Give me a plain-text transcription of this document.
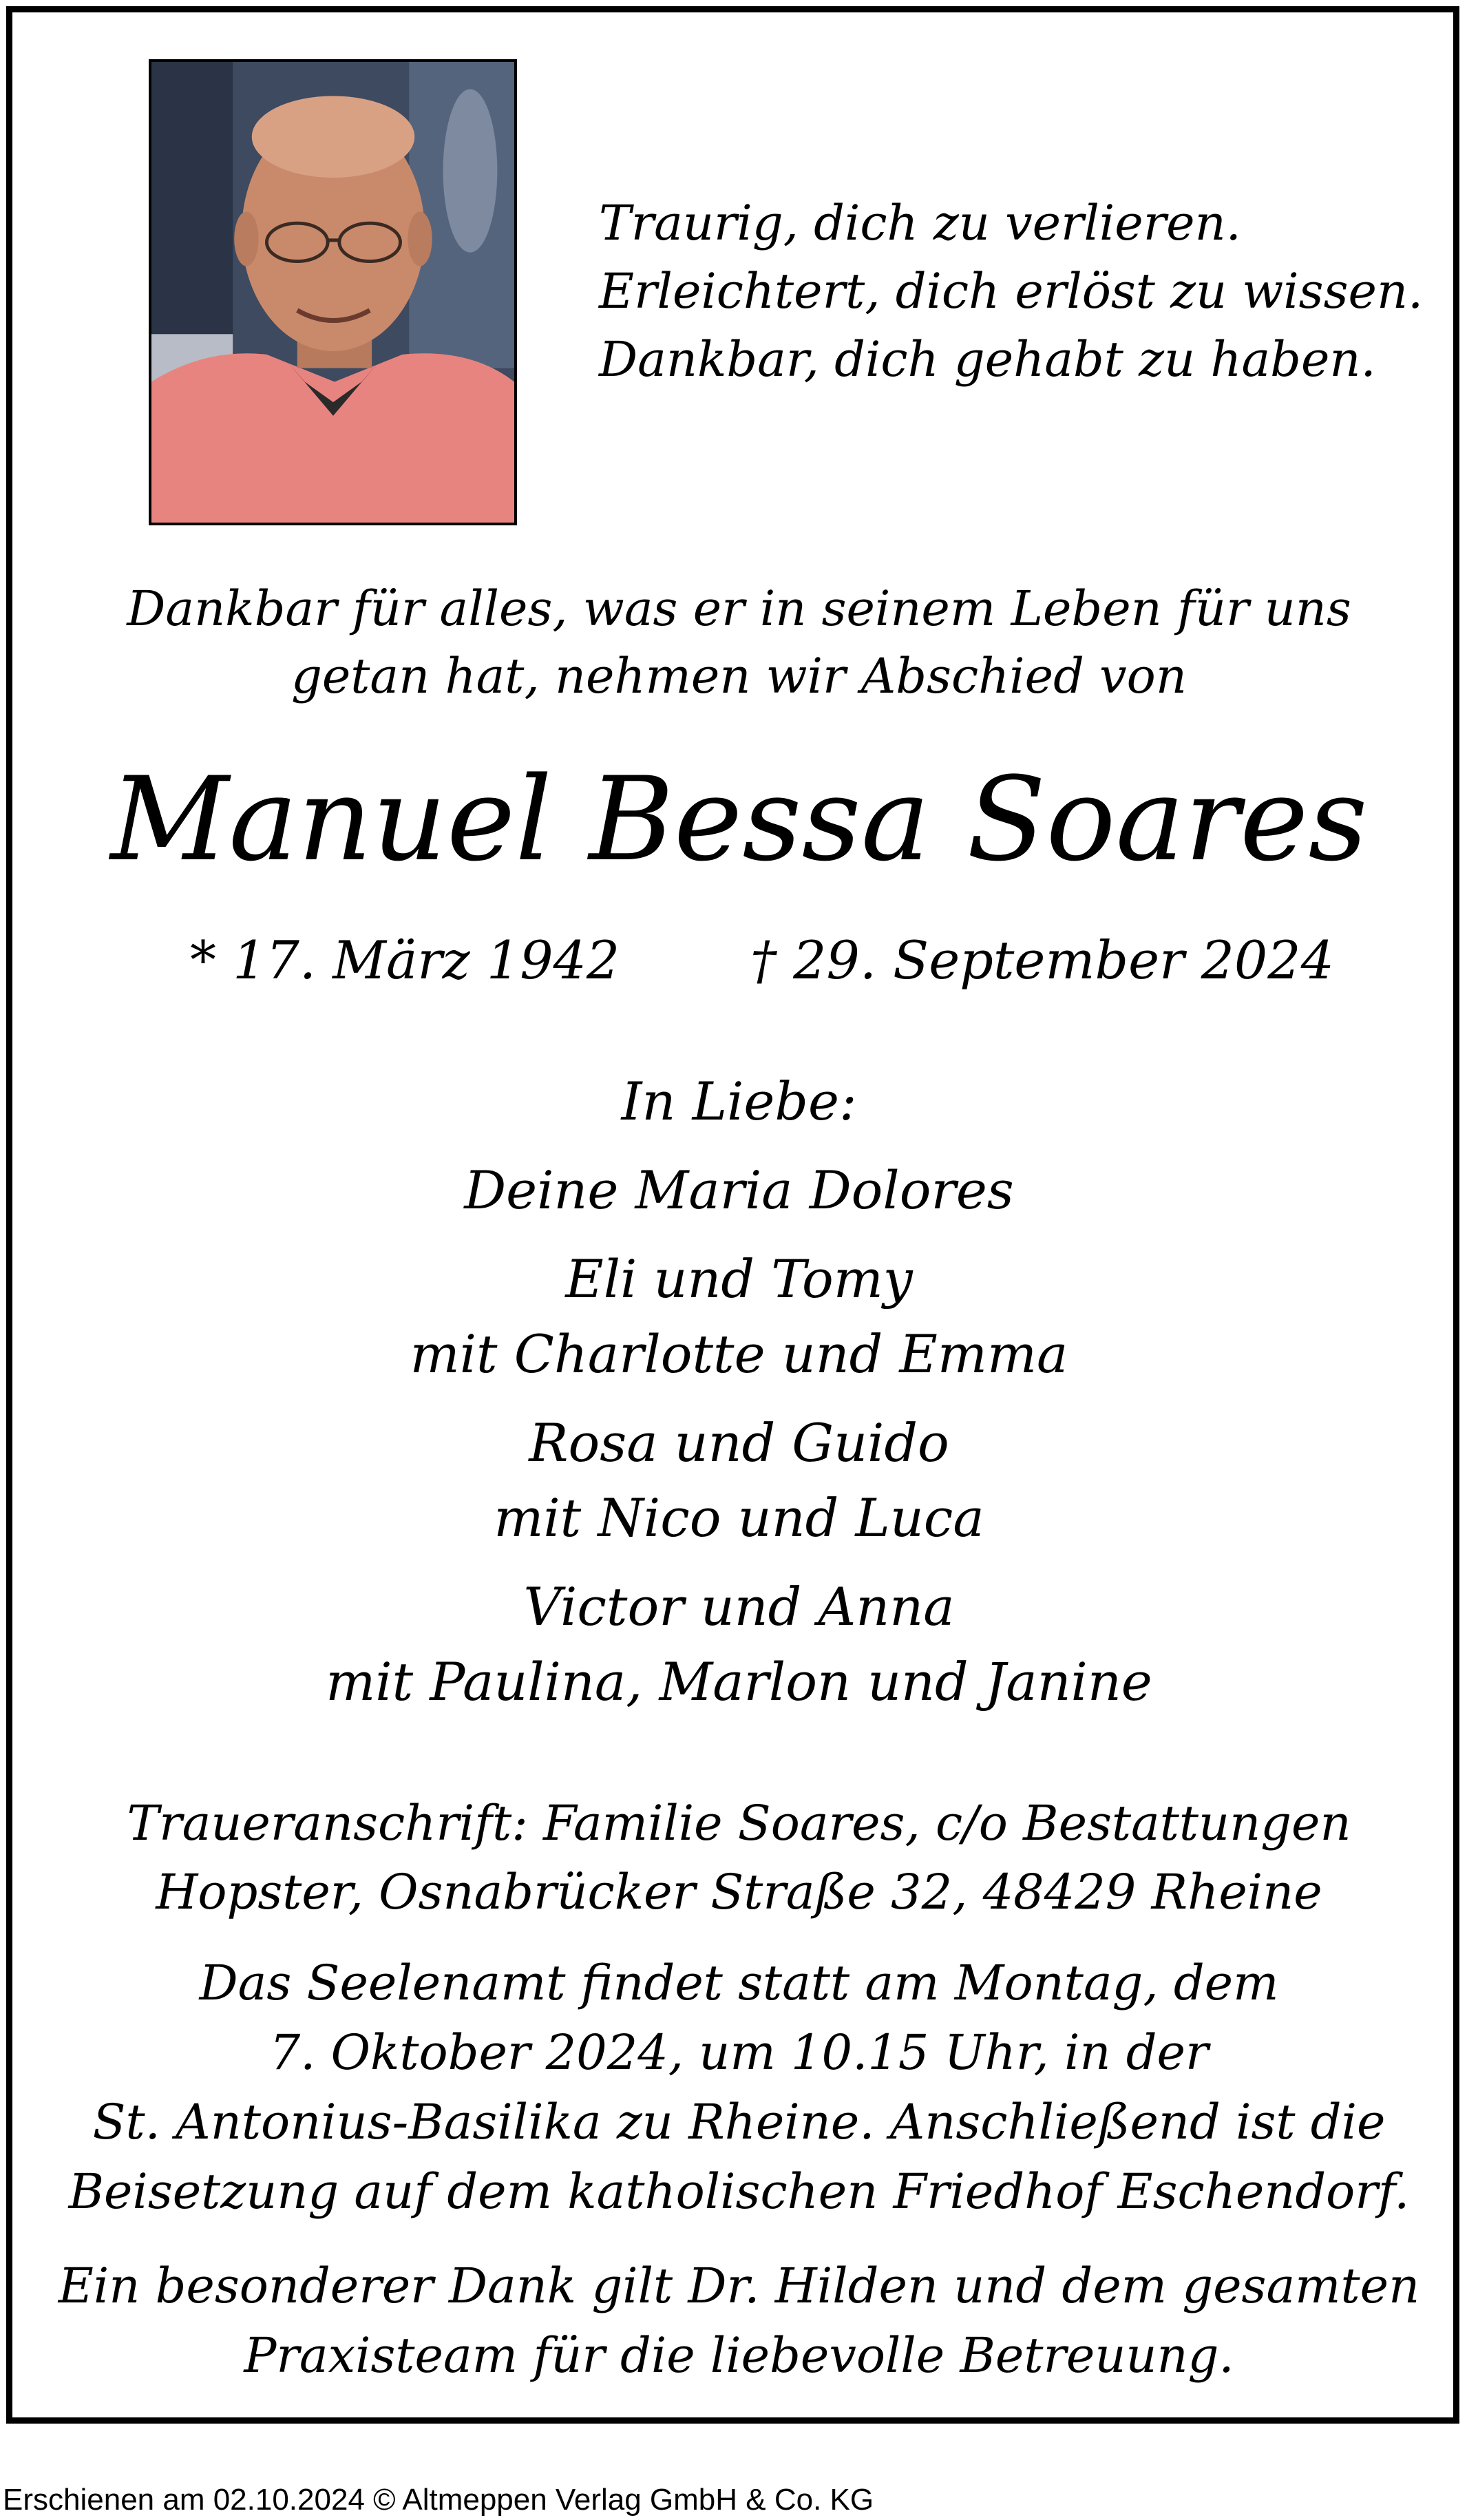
Traurig, dich zu verlieren.
Erleichtert, dich erlöst zu wissen.
Dankbar, dich gehabt zu haben.
Dankbar für alles, was er in seinem Leben für uns
getan hat, nehmen wir Abschied von
Manuel Bessa Soares
* 17. März 1942 † 29. September 2024
In Liebe:
Deine Maria Dolores
Eli und Tomy
mit Charlotte und Emma
Rosa und Guido
mit Nico und Luca
Victor und Anna
mit Paulina, Marlon und Janine
Traueranschrift: Familie Soares, c/o Bestattungen
Hopster, Osnabrücker Straße 32, 48429 Rheine
Das Seelenamt findet statt am Montag, dem
7. Oktober 2024, um 10.15 Uhr, in der
St. Antonius-Basilika zu Rheine. Anschließend ist die
Beisetzung auf dem katholischen Friedhof Eschendorf.
Ein besonderer Dank gilt Dr. Hilden und dem gesamten
Praxisteam für die liebevolle Betreuung.
Erschienen am 02.10.2024 © Altmeppen Verlag GmbH & Co. KG
